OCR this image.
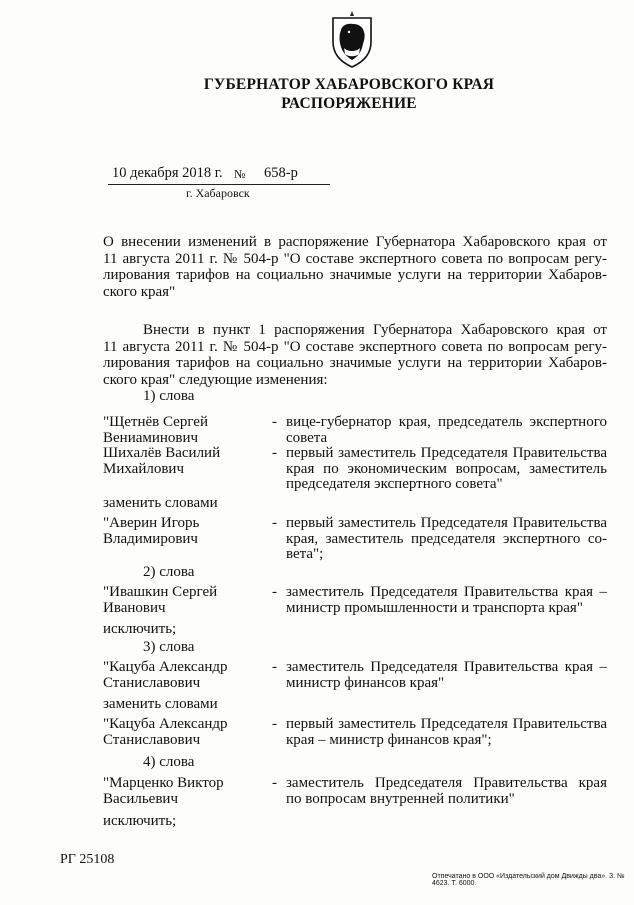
ГУБЕРНАТОР ХАБАРОВСКОГО КРАЯ
РАСПОРЯЖЕНИЕ
10 декабря 2018 г. № 658-р
г. Хабаровск
О внесении изменений в распоряжение Губернатора Хабаровского края от
11 августа 2011 г. № 504-р "О составе экспертного совета по вопросам регу-
лирования тарифов на социально значимые услуги на территории Хабаров-
ского края"
Внести в пункт 1 распоряжения Губернатора Хабаровского края от
11 августа 2011 г. № 504-р "О составе экспертного совета по вопросам регу-
лирования тарифов на социально значимые услуги на территории Хабаров-
ского края" следующие изменения:
1) слова
"Щетнёв Сергей
Вениаминович
- вице-губернатор края, председатель экспертного
совета
Шихалёв Василий
Михайлович
- первый заместитель Председателя Правительства
края по экономическим вопросам, заместитель
председателя экспертного совета"
заменить словами
"Аверин Игорь
Владимирович
- первый заместитель Председателя Правительства
края, заместитель председателя экспертного со-
вета";
2) слова
"Ивашкин Сергей
Иванович
- заместитель Председателя Правительства края –
министр промышленности и транспорта края"
исключить;
3) слова
"Кацуба Александр
Станиславович
- заместитель Председателя Правительства края –
министр финансов края"
заменить словами
"Кацуба Александр
Станиславович
- первый заместитель Председателя Правительства
края – министр финансов края";
4) слова
"Марценко Виктор
Васильевич
- заместитель Председателя Правительства края
по вопросам внутренней политики"
исключить;
РГ 25108
Отпечатано в ООО «Издательский дом Движды два». З. № 4623. Т. 6000.
